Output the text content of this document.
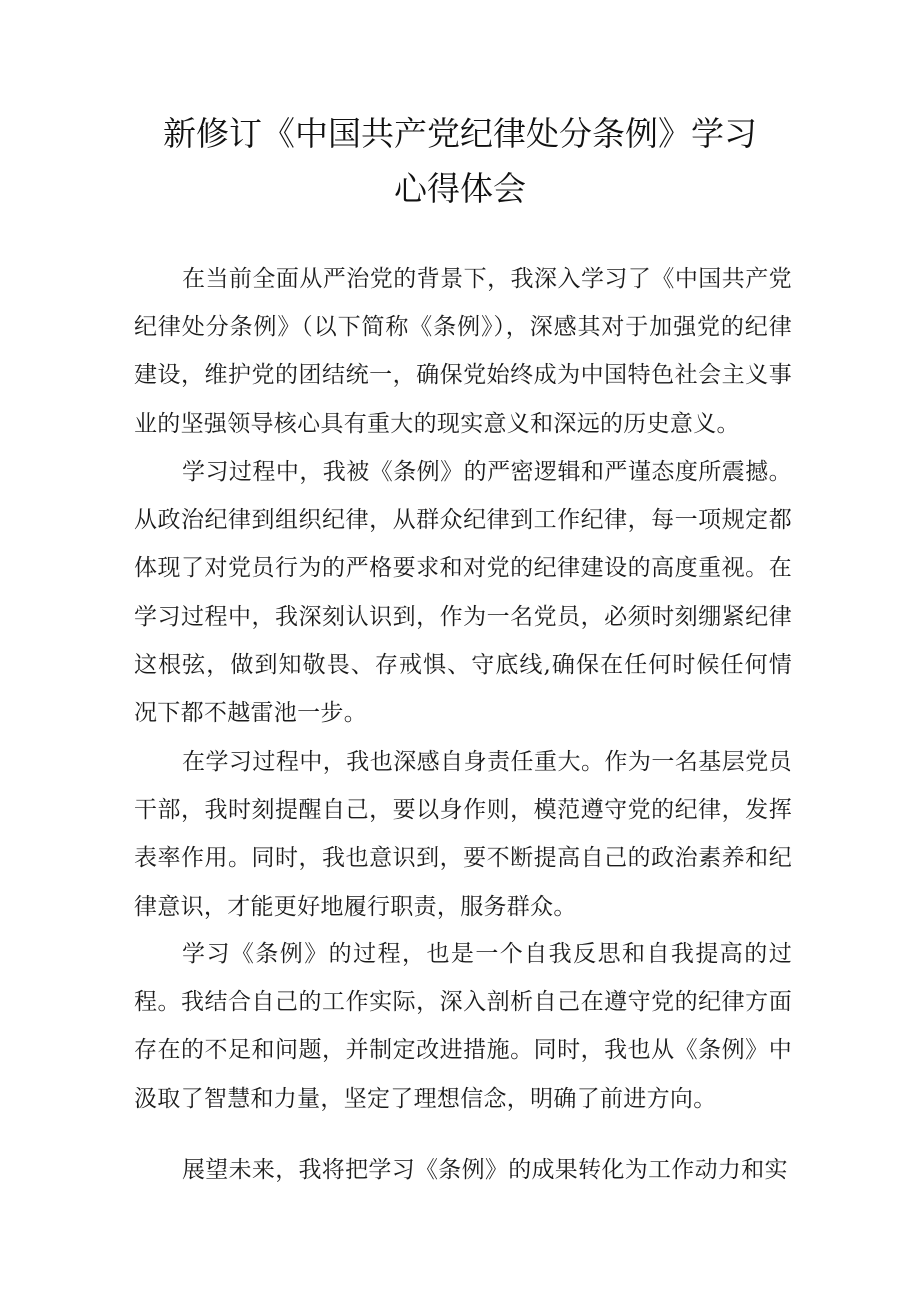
新修订《中国共产党纪律处分条例》学习
心得体会

在当前全面从严治党的背景下，我深入学习了《中国共产党纪律处分条例》（以下简称《条例》），深感其对于加强党的纪律建设，维护党的团结统一，确保党始终成为中国特色社会主义事业的坚强领导核心具有重大的现实意义和深远的历史意义。

学习过程中，我被《条例》的严密逻辑和严谨态度所震撼。从政治纪律到组织纪律，从群众纪律到工作纪律，每一项规定都体现了对党员行为的严格要求和对党的纪律建设的高度重视。在学习过程中，我深刻认识到，作为一名党员，必须时刻绷紧纪律这根弦，做到知敬畏、存戒惧、守底线,确保在任何时候任何情况下都不越雷池一步。

在学习过程中，我也深感自身责任重大。作为一名基层党员干部，我时刻提醒自己，要以身作则，模范遵守党的纪律，发挥表率作用。同时，我也意识到，要不断提高自己的政治素养和纪律意识，才能更好地履行职责，服务群众。

学习《条例》的过程，也是一个自我反思和自我提高的过程。我结合自己的工作实际，深入剖析自己在遵守党的纪律方面存在的不足和问题，并制定改进措施。同时，我也从《条例》中汲取了智慧和力量，坚定了理想信念，明确了前进方向。

展望未来，我将把学习《条例》的成果转化为工作动力和实
